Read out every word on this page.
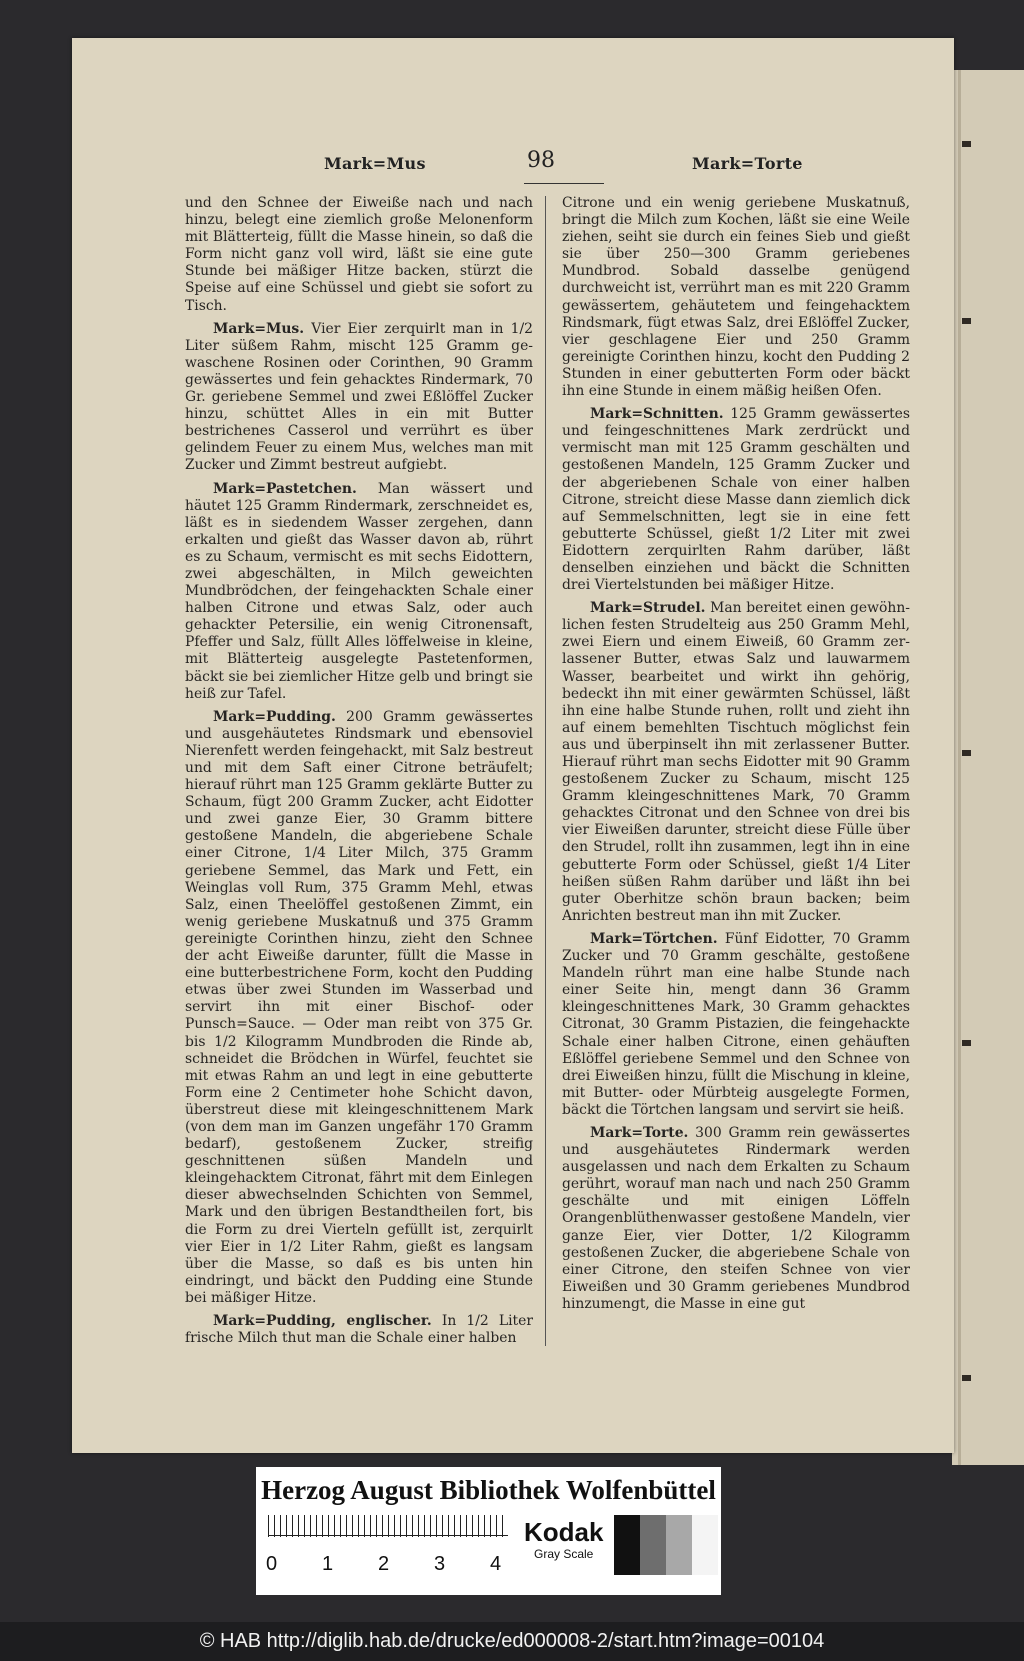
Mark=Mus	98	Mark=Torte

und den Schnee der Eiweiße nach und nach hinzu, belegt eine ziemlich große Melonenform mit Blätterteig, füllt die Masse hinein, so daß die Form nicht ganz voll wird, läßt sie eine gute Stunde bei mäßiger Hitze backen, stürzt die Speise auf eine Schüssel und giebt sie sofort zu Tisch.

Mark=Mus. Vier Eier zerquirlt man in 1/2 Liter süßem Rahm, mischt 125 Gramm gewaschene Rosinen oder Corinthen, 90 Gramm gewässertes und fein gehacktes Rindermark, 70 Gr. geriebene Semmel und zwei Eßlöffel Zucker hinzu, schüttet Alles in ein mit Butter bestrichenes Casserol und verrührt es über gelindem Feuer zu einem Mus, welches man mit Zucker und Zimmt bestreut aufgiebt.

Mark=Pastetchen. Man wässert und häutet 125 Gramm Rindermark, zerschneidet es, läßt es in siedendem Wasser zergehen, dann erkalten und gießt das Wasser davon ab, rührt es zu Schaum, vermischt es mit sechs Eidottern, zwei abgeschälten, in Milch geweichten Mundbrödchen, der feingehackten Schale einer halben Citrone und etwas Salz, oder auch gehackter Petersilie, ein wenig Citronensaft, Pfeffer und Salz, füllt Alles löffelweise in kleine, mit Blätterteig ausgelegte Pastetenformen, bäckt sie bei ziemlicher Hitze gelb und bringt sie heiß zur Tafel.

Mark=Pudding. 200 Gramm gewässertes und ausgehäutetes Rindsmark und ebensoviel Nierenfett werden feingehackt, mit Salz bestreut und mit dem Saft einer Citrone beträufelt; hierauf rührt man 125 Gramm geklärte Butter zu Schaum, fügt 200 Gramm Zucker, acht Eidotter und zwei ganze Eier, 30 Gramm bittere gestoßene Mandeln, die abgeriebene Schale einer Citrone, 1/4 Liter Milch, 375 Gramm geriebene Semmel, das Mark und Fett, ein Weinglas voll Rum, 375 Gramm Mehl, etwas Salz, einen Theelöffel gestoßenen Zimmt, ein wenig geriebene Muskatnuß und 375 Gramm gereinigte Corinthen hinzu, zieht den Schnee der acht Eiweiße darunter, füllt die Masse in eine butterbestrichene Form, kocht den Pudding etwas über zwei Stunden im Wasserbad und servirt ihn mit einer Bischof- oder Punsch=Sauce. — Oder man reibt von 375 Gr. bis 1/2 Kilogramm Mundbroden die Rinde ab, schneidet die Brödchen in Würfel, feuchtet sie mit etwas Rahm an und legt in eine gebutterte Form eine 2 Centimeter hohe Schicht davon, überstreut diese mit kleingeschnittenem Mark (von dem man im Ganzen ungefähr 170 Gramm bedarf), gestoßenem Zucker, streifig geschnittenen süßen Mandeln und kleingehacktem Citronat, fährt mit dem Einlegen dieser abwechselnden Schichten von Semmel, Mark und den übrigen Bestandtheilen fort, bis die Form zu drei Vierteln gefüllt ist, zerquirlt vier Eier in 1/2 Liter Rahm, gießt es langsam über die Masse, so daß es bis unten hin eindringt, und bäckt den Pudding eine Stunde bei mäßiger Hitze.

Mark=Pudding, englischer. In 1/2 Liter frische Milch thut man die Schale einer halben

Citrone und ein wenig geriebene Muskatnuß, bringt die Milch zum Kochen, läßt sie eine Weile ziehen, seiht sie durch ein feines Sieb und gießt sie über 250—300 Gramm geriebenes Mundbrod. Sobald dasselbe genügend durchweicht ist, verrührt man es mit 220 Gramm gewässertem, gehäutetem und feingehacktem Rindsmark, fügt etwas Salz, drei Eßlöffel Zucker, vier geschlagene Eier und 250 Gramm gereinigte Corinthen hinzu, kocht den Pudding 2 Stunden in einer gebutterten Form oder bäckt ihn eine Stunde in einem mäßig heißen Ofen.

Mark=Schnitten. 125 Gramm gewässertes und feingeschnittenes Mark zerdrückt und vermischt man mit 125 Gramm geschälten und gestoßenen Mandeln, 125 Gramm Zucker und der abgeriebenen Schale von einer halben Citrone, streicht diese Masse dann ziemlich dick auf Semmelschnitten, legt sie in eine fett gebutterte Schüssel, gießt 1/2 Liter mit zwei Eidottern zerquirlten Rahm darüber, läßt denselben einziehen und bäckt die Schnitten drei Viertelstunden bei mäßiger Hitze.

Mark=Strudel. Man bereitet einen gewöhnlichen festen Strudelteig aus 250 Gramm Mehl, zwei Eiern und einem Eiweiß, 60 Gramm zerlassener Butter, etwas Salz und lauwarmem Wasser, bearbeitet und wirkt ihn gehörig, bedeckt ihn mit einer gewärmten Schüssel, läßt ihn eine halbe Stunde ruhen, rollt und zieht ihn auf einem bemehlten Tischtuch möglichst fein aus und überpinselt ihn mit zerlassener Butter. Hierauf rührt man sechs Eidotter mit 90 Gramm gestoßenem Zucker zu Schaum, mischt 125 Gramm kleingeschnittenes Mark, 70 Gramm gehacktes Citronat und den Schnee von drei bis vier Eiweißen darunter, streicht diese Fülle über den Strudel, rollt ihn zusammen, legt ihn in eine gebutterte Form oder Schüssel, gießt 1/4 Liter heißen süßen Rahm darüber und läßt ihn bei guter Oberhitze schön braun backen; beim Anrichten bestreut man ihn mit Zucker.

Mark=Törtchen. Fünf Eidotter, 70 Gramm Zucker und 70 Gramm geschälte, gestoßene Mandeln rührt man eine halbe Stunde nach einer Seite hin, mengt dann 36 Gramm kleingeschnittenes Mark, 30 Gramm gehacktes Citronat, 30 Gramm Pistazien, die feingehackte Schale einer halben Citrone, einen gehäuften Eßlöffel geriebene Semmel und den Schnee von drei Eiweißen hinzu, füllt die Mischung in kleine, mit Butter- oder Mürbteig ausgelegte Formen, bäckt die Törtchen langsam und servirt sie heiß.

Mark=Torte. 300 Gramm rein gewässertes und ausgehäutetes Rindermark werden ausgelassen und nach dem Erkalten zu Schaum gerührt, worauf man nach und nach 250 Gramm geschälte und mit einigen Löffeln Orangenblüthenwasser gestoßene Mandeln, vier ganze Eier, vier Dotter, 1/2 Kilogramm gestoßenen Zucker, die abgeriebene Schale von einer Citrone, den steifen Schnee von vier Eiweißen und 30 Gramm geriebenes Mundbrod hinzumengt, die Masse in eine gut

Herzog August Bibliothek Wolfenbüttel
0 1 2 3 4
Kodak
Gray Scale
© HAB http://diglib.hab.de/drucke/ed000008-2/start.htm?image=00104
